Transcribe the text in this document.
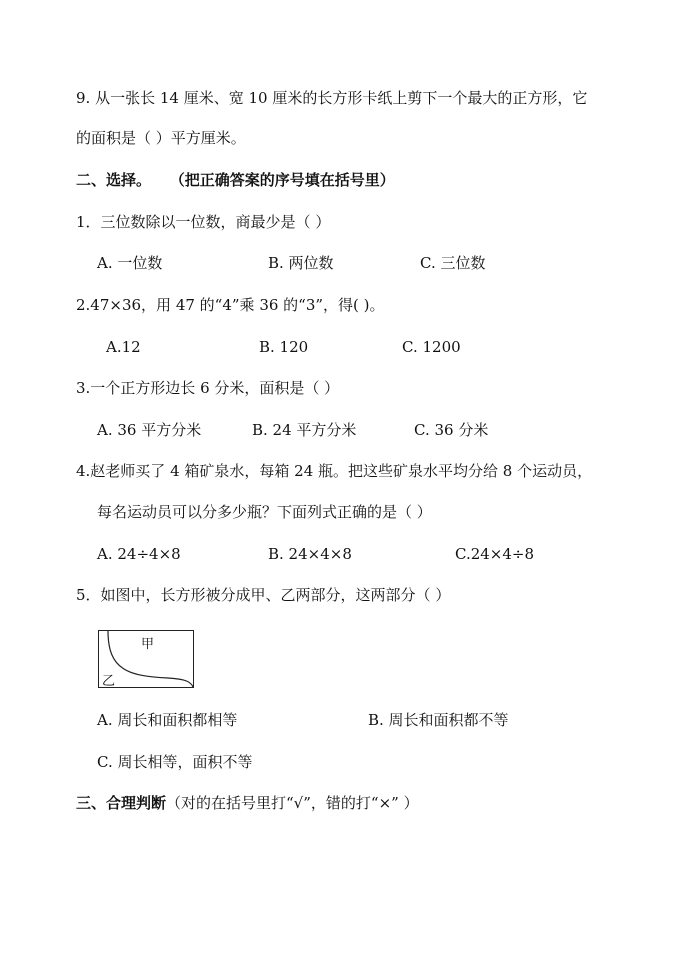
9. 从一张长 14 厘米、宽 10 厘米的长方形卡纸上剪下一个最大的正方形，它
的面积是（ ）平方厘米。
二、选择。 （把正确答案的序号填在括号里）
1．三位数除以一位数，商最少是（ ）
A. 一位数	B. 两位数	C. 三位数
2.47×36，用 47 的“4”乘 36 的“3”，得( )。
A.12	B. 120	C. 1200
3.一个正方形边长 6 分米，面积是（ ）
A. 36 平方分米	B. 24 平方分米	C. 36 分米
4.赵老师买了 4 箱矿泉水，每箱 24 瓶。把这些矿泉水平均分给 8 个运动员，
每名运动员可以分多少瓶？下面列式正确的是（ ）
A. 24÷4×8	B. 24×4×8	C.24×4÷8
5．如图中，长方形被分成甲、乙两部分，这两部分（ ）
甲
乙
A. 周长和面积都相等	B. 周长和面积都不等
C. 周长相等，面积不等
三、合理判断（对的在括号里打“√”，错的打“×” ）
